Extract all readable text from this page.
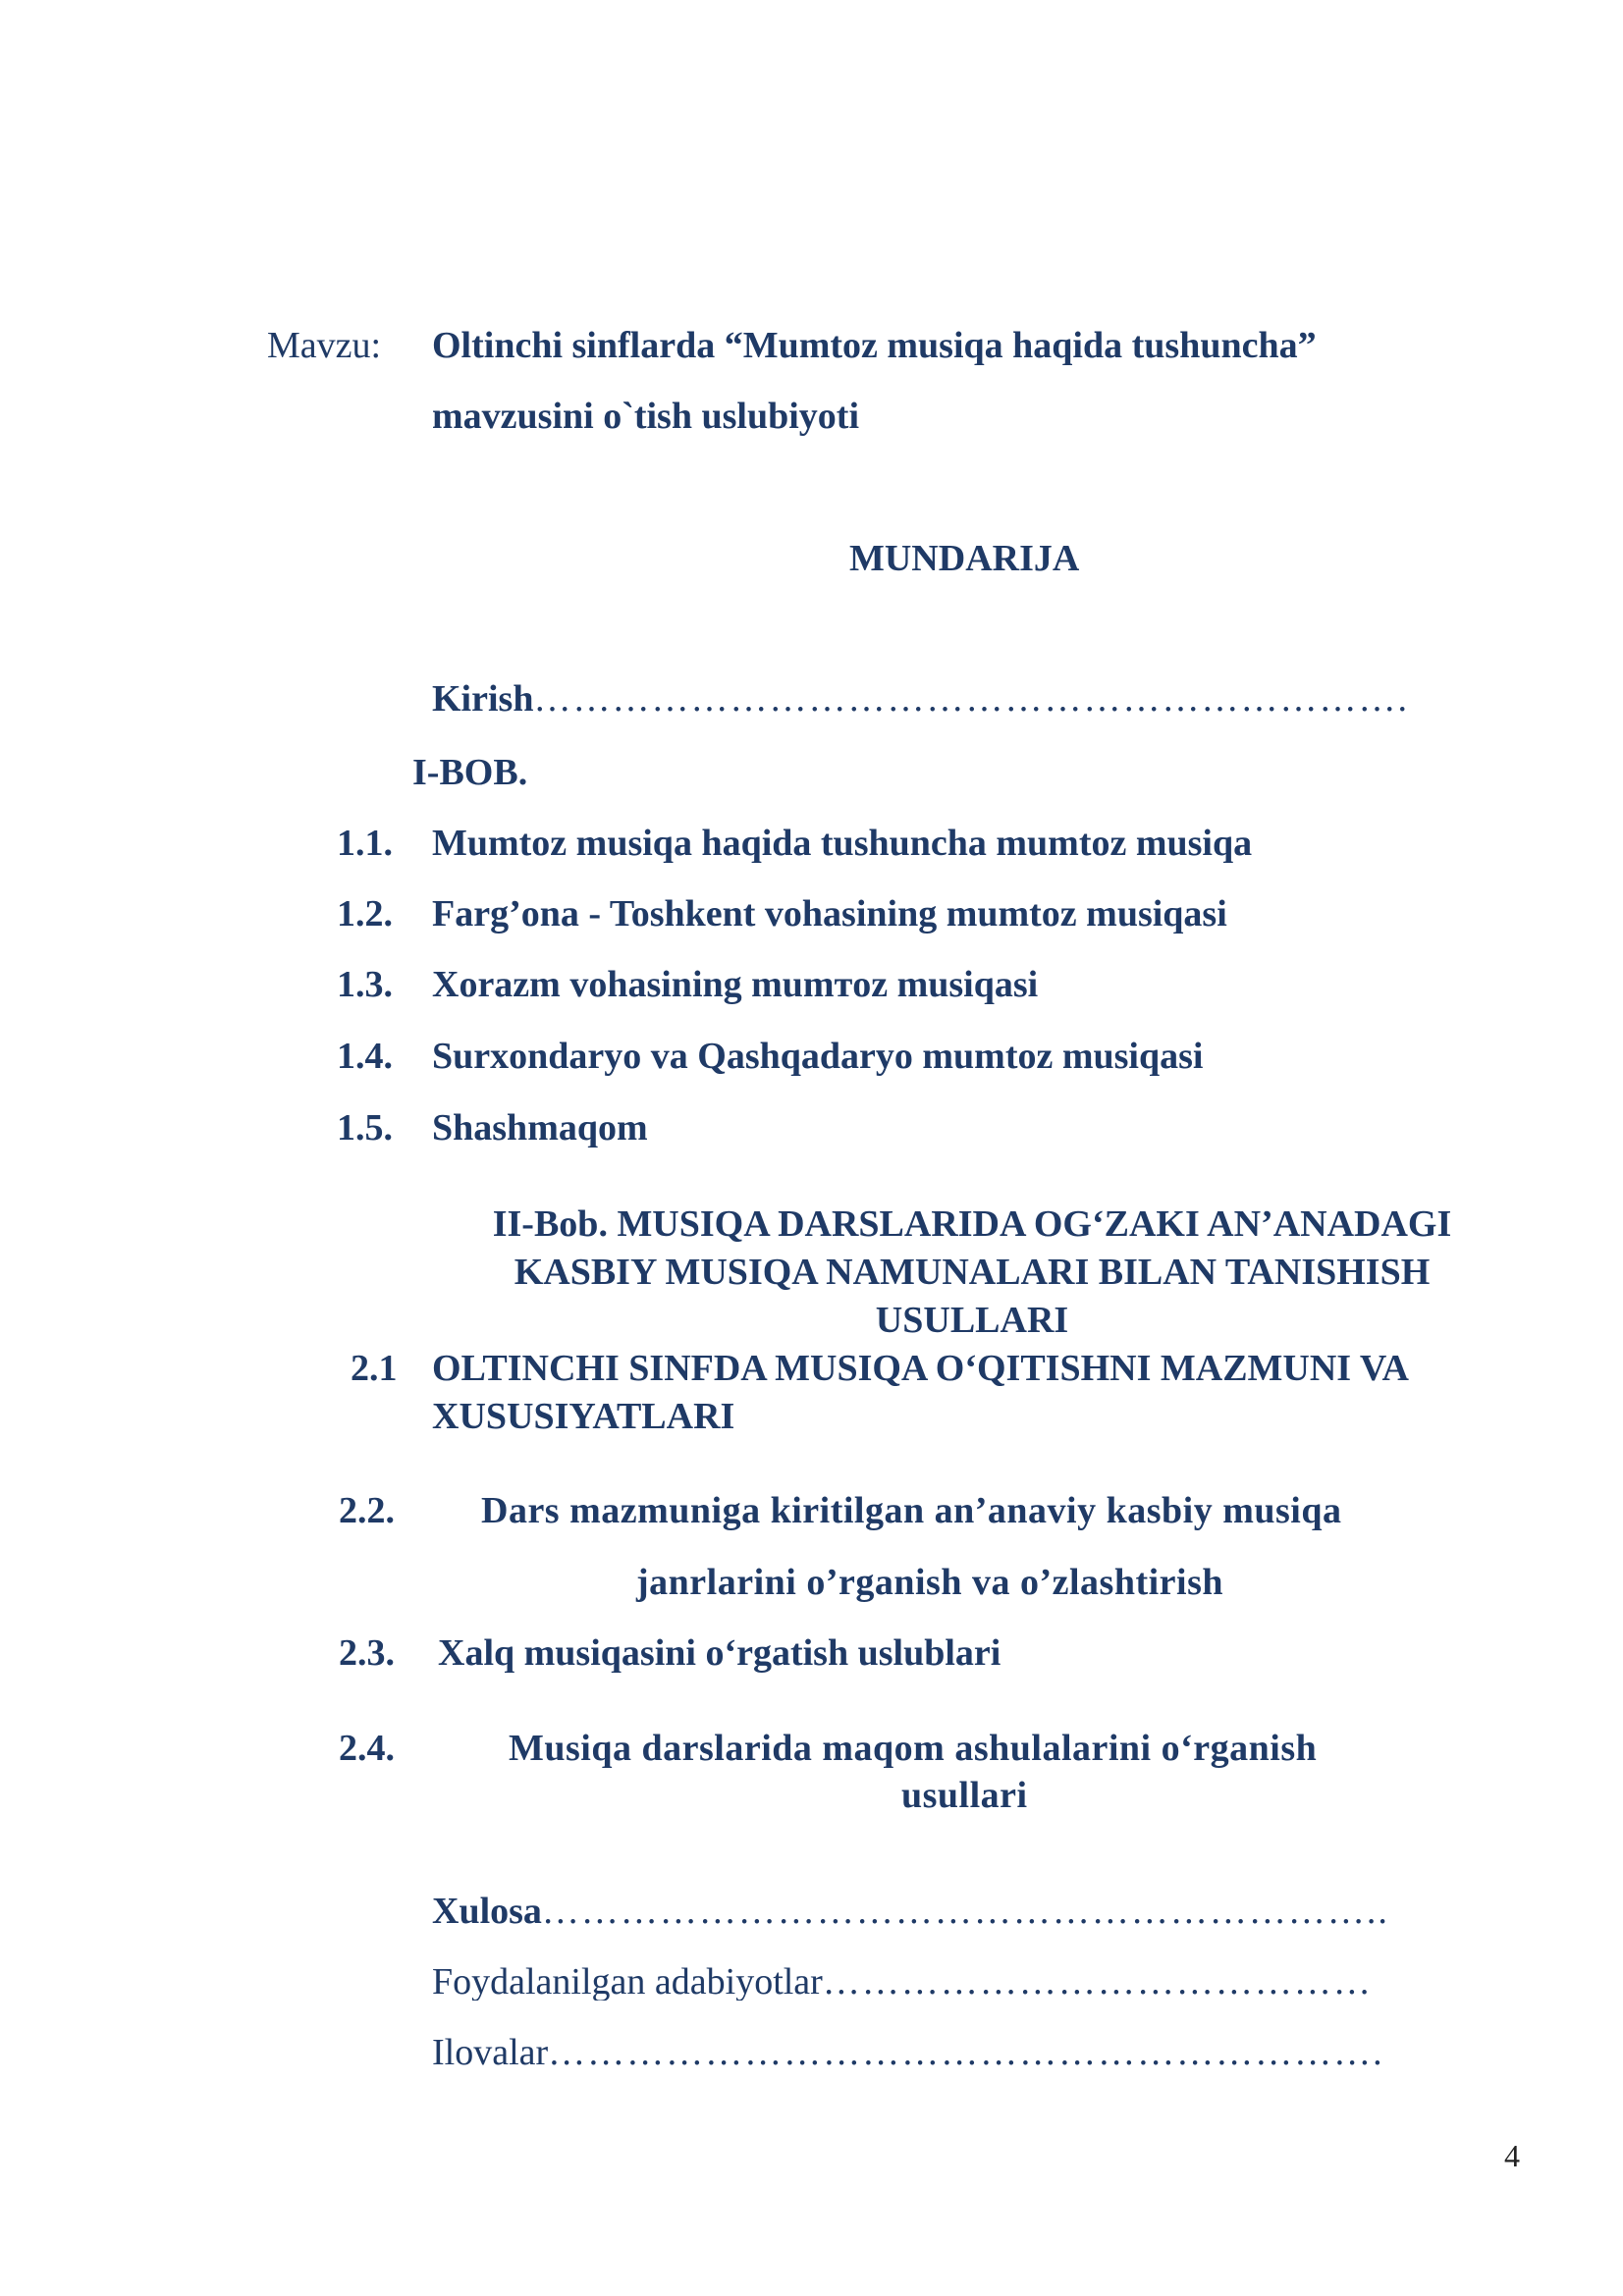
Mavzu: Oltinchi sinflarda “Mumtoz musiqa haqida tushuncha”
mavzusini o`tish uslubiyoti
MUNDARIJA
Kirish………………………………………………………….
I-BOB.
1.1. Mumtoz musiqa haqida tushuncha mumtoz musiqa
1.2. Farg’ona - Toshkent vohasining mumtoz musiqasi
1.3. Xorazm vohasining mumтoz musiqasi
1.4. Surxondaryo va Qashqadaryo mumtoz musiqasi
1.5. Shashmaqom
II-Bob. MUSIQA DARSLARIDA OG‘ZAKI AN’ANADAGI
KASBIY MUSIQA NAMUNALARI BILAN TANISHISH
USULLARI
2.1 OLTINCHI SINFDA MUSIQA O‘QITISHNI MAZMUNI VA
XUSUSIYATLARI
2.2. Dars mazmuniga kiritilgan an’anaviy kasbiy musiqa
janrlarini o’rganish va o’zlashtirish
2.3. Xalq musiqasini o‘rgatish uslublari
2.4.	Musiqa darslarida maqom ashulalarini o‘rganish
usullari
Xulosa………………………………………………………..
Foydalanilgan adabiyotlar……………………………………
Ilovalar……………………………………………………….
4
